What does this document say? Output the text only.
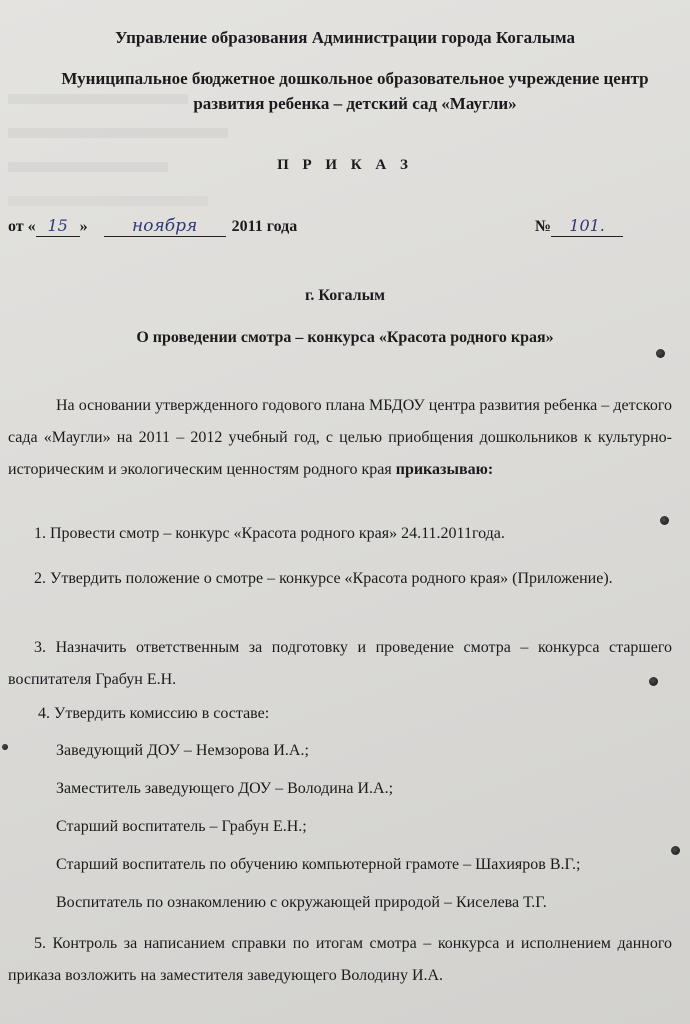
Управление образования Администрации города Когалыма
Муниципальное бюджетное дошкольное образовательное учреждение центр
развития ребенка – детский сад «Маугли»
П Р И К А З
от « 15 »	ноября 2011 года	№ 101.
г. Когалым
О проведении смотра – конкурса «Красота родного края»
На основании утвержденного годового плана МБДОУ центра развития ребенка – детского сада «Маугли» на 2011 – 2012 учебный год, с целью приобщения дошкольников к культурно-историческим и экологическим ценностям родного края приказываю:
1. Провести смотр – конкурс «Красота родного края» 24.11.2011года.
2. Утвердить положение о смотре – конкурсе «Красота родного края» (Приложение).
3. Назначить ответственным за подготовку и проведение смотра – конкурса старшего воспитателя Грабун Е.Н.
4. Утвердить комиссию в составе:
Заведующий ДОУ – Немзорова И.А.;
Заместитель заведующего ДОУ – Володина И.А.;
Старший воспитатель – Грабун Е.Н.;
Старший воспитатель по обучению компьютерной грамоте – Шахияров В.Г.;
Воспитатель по ознакомлению с окружающей природой – Киселева Т.Г.
5. Контроль за написанием справки по итогам смотра – конкурса и исполнением данного приказа возложить на заместителя заведующего Володину И.А.
